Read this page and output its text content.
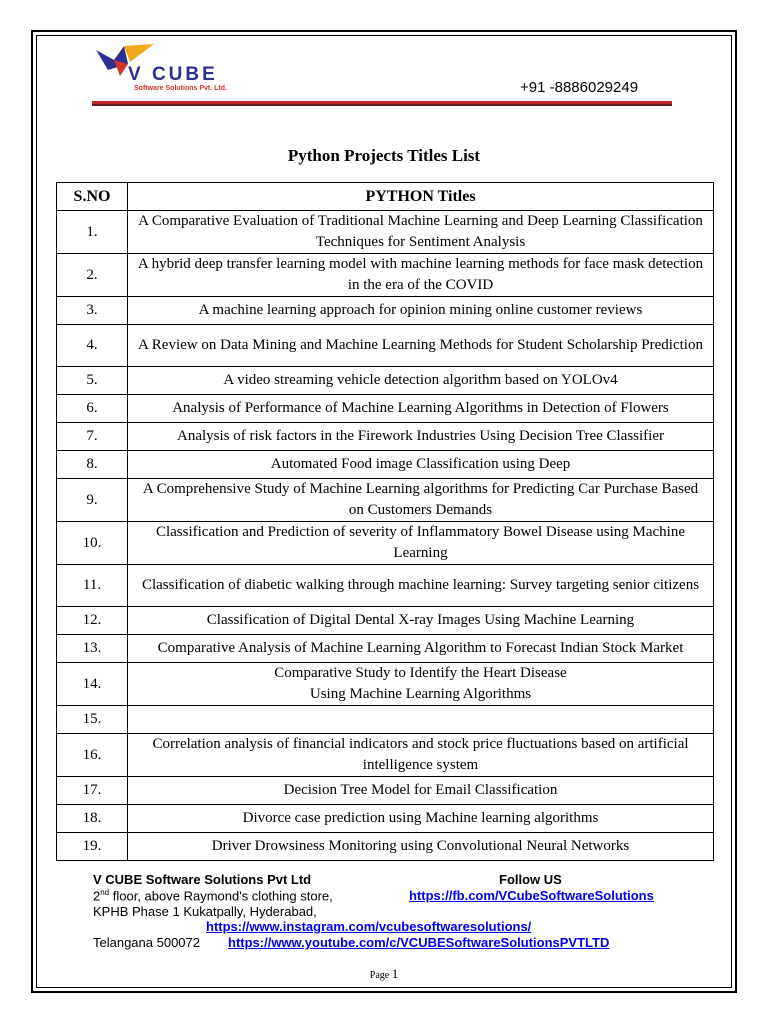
V CUBE
Software Solutions Pvt. Ltd.	+91 -8886029249
Python Projects Titles List
S.NO	PYTHON Titles
1.	A Comparative Evaluation of Traditional Machine Learning and Deep Learning Classification Techniques for Sentiment Analysis
2.	A hybrid deep transfer learning model with machine learning methods for face mask detection in the era of the COVID
3.	A machine learning approach for opinion mining online customer reviews
4.	A Review on Data Mining and Machine Learning Methods for Student Scholarship Prediction
5.	A video streaming vehicle detection algorithm based on YOLOv4
6.	Analysis of Performance of Machine Learning Algorithms in Detection of Flowers
7.	Analysis of risk factors in the Firework Industries Using Decision Tree Classifier
8.	Automated Food image Classification using Deep
9.	A Comprehensive Study of Machine Learning algorithms for Predicting Car Purchase Based on Customers Demands
10.	Classification and Prediction of severity of Inflammatory Bowel Disease using Machine Learning
11.	Classification of diabetic walking through machine learning: Survey targeting senior citizens
12.	Classification of Digital Dental X-ray Images Using Machine Learning
13.	Comparative Analysis of Machine Learning Algorithm to Forecast Indian Stock Market
14.	Comparative Study to Identify the Heart Disease
Using Machine Learning Algorithms
15.	
16.	Correlation analysis of financial indicators and stock price fluctuations based on artificial intelligence system
17.	Decision Tree Model for Email Classification
18.	Divorce case prediction using Machine learning algorithms
19.	Driver Drowsiness Monitoring using Convolutional Neural Networks
V CUBE Software Solutions Pvt Ltd	Follow US
2nd floor, above Raymond's clothing store,	https://fb.com/VCubeSoftwareSolutions
KPHB Phase 1 Kukatpally, Hyderabad,
https://www.instagram.com/vcubesoftwaresolutions/
Telangana 500072 https://www.youtube.com/c/VCUBESoftwareSolutionsPVTLTD
Page 1
